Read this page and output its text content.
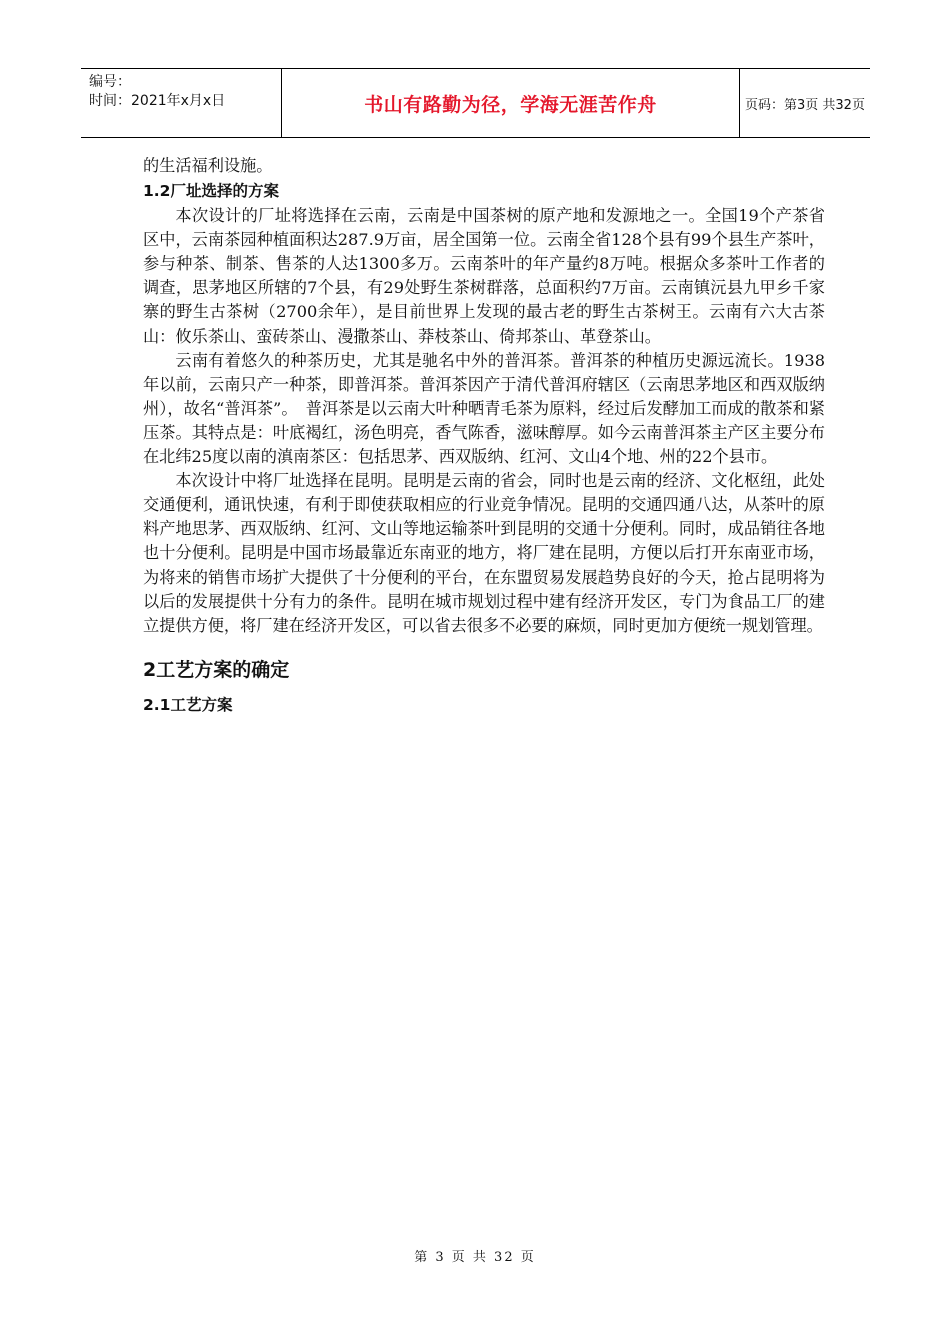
编号：
时间：2021年x月x日	书山有路勤为径，学海无涯苦作舟	页码：第3页 共32页

的生活福利设施。

1.2厂址选择的方案

本次设计的厂址将选择在云南，云南是中国茶树的原产地和发源地之一。全国19个产茶省区中，云南茶园种植面积达287.9万亩，居全国第一位。云南全省128个县有99个县生产茶叶，参与种茶、制茶、售茶的人达1300多万。云南茶叶的年产量约8万吨。根据众多茶叶工作者的调查，思茅地区所辖的7个县，有29处野生茶树群落，总面积约7万亩。云南镇沅县九甲乡千家寨的野生古茶树（2700余年），是目前世界上发现的最古老的野生古茶树王。云南有六大古茶山：攸乐茶山、蛮砖茶山、漫撒茶山、莽枝茶山、倚邦茶山、革登茶山。

云南有着悠久的种茶历史，尤其是驰名中外的普洱茶。普洱茶的种植历史源远流长。1938年以前，云南只产一种茶，即普洱茶。普洱茶因产于清代普洱府辖区（云南思茅地区和西双版纳州），故名“普洱茶”。　普洱茶是以云南大叶种晒青毛茶为原料，经过后发酵加工而成的散茶和紧压茶。其特点是：叶底褐红，汤色明亮，香气陈香，滋味醇厚。如今云南普洱茶主产区主要分布在北纬25度以南的滇南茶区：包括思茅、西双版纳、红河、文山4个地、州的22个县市。

本次设计中将厂址选择在昆明。昆明是云南的省会，同时也是云南的经济、文化枢纽，此处交通便利，通讯快速，有利于即使获取相应的行业竞争情况。昆明的交通四通八达，从茶叶的原料产地思茅、西双版纳、红河、文山等地运输茶叶到昆明的交通十分便利。同时，成品销往各地也十分便利。昆明是中国市场最靠近东南亚的地方，将厂建在昆明，方便以后打开东南亚市场，为将来的销售市场扩大提供了十分便利的平台，在东盟贸易发展趋势良好的今天，抢占昆明将为以后的发展提供十分有力的条件。昆明在城市规划过程中建有经济开发区，专门为食品工厂的建立提供方便，将厂建在经济开发区，可以省去很多不必要的麻烦，同时更加方便统一规划管理。

2工艺方案的确定
2.1工艺方案
第 3 页 共 32 页
